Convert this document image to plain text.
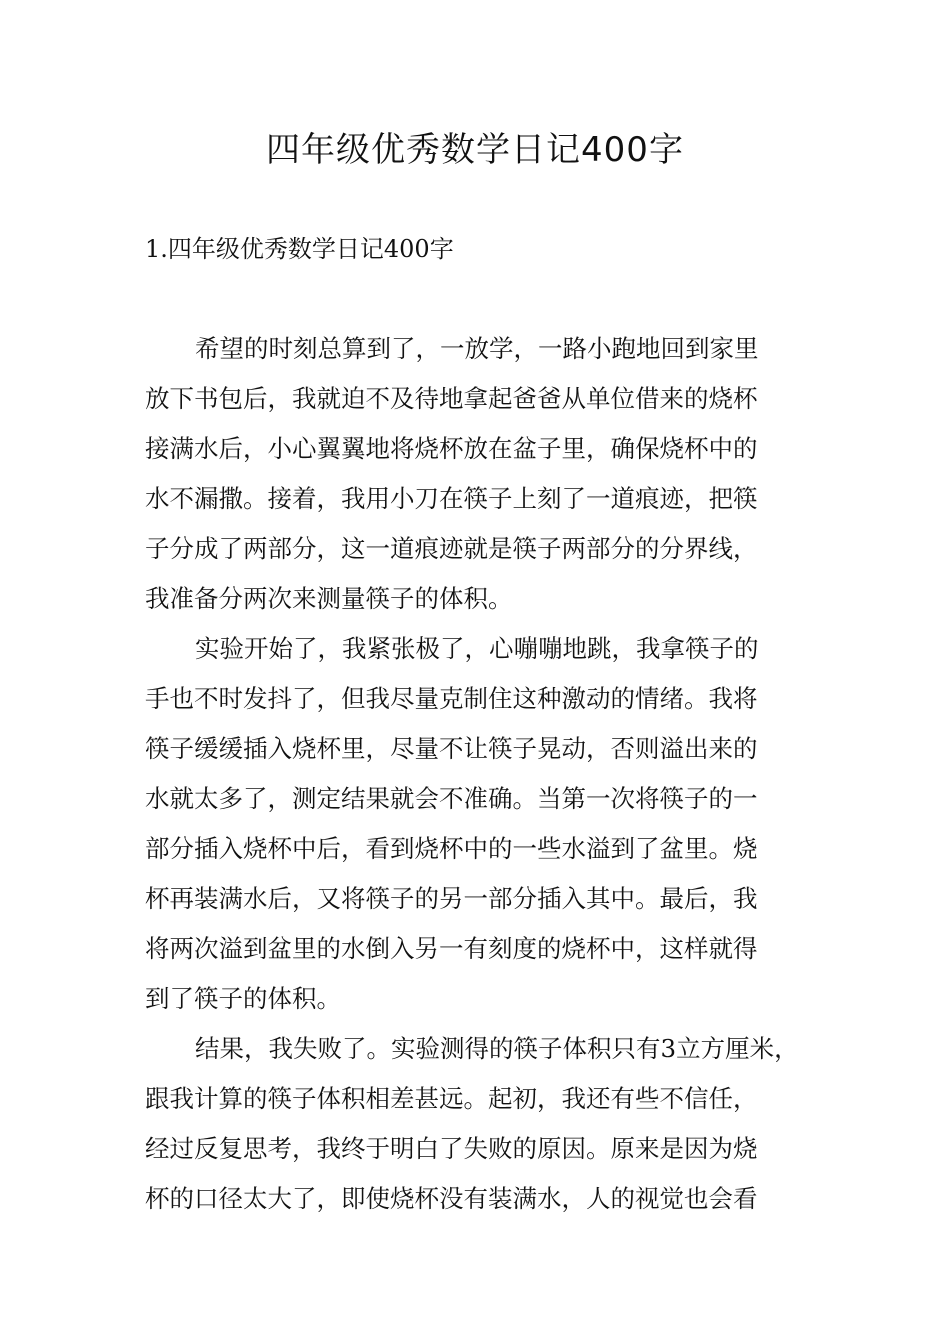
四年级优秀数学日记400字
1.四年级优秀数学日记400字
希望的时刻总算到了，一放学，一路小跑地回到家里
放下书包后，我就迫不及待地拿起爸爸从单位借来的烧杯
接满水后，小心翼翼地将烧杯放在盆子里，确保烧杯中的
水不漏撒。接着，我用小刀在筷子上刻了一道痕迹，把筷
子分成了两部分，这一道痕迹就是筷子两部分的分界线，
我准备分两次来测量筷子的体积。
实验开始了，我紧张极了，心嘣嘣地跳，我拿筷子的
手也不时发抖了，但我尽量克制住这种激动的情绪。我将
筷子缓缓插入烧杯里，尽量不让筷子晃动，否则溢出来的
水就太多了，测定结果就会不准确。当第一次将筷子的一
部分插入烧杯中后，看到烧杯中的一些水溢到了盆里。烧
杯再装满水后，又将筷子的另一部分插入其中。最后，我
将两次溢到盆里的水倒入另一有刻度的烧杯中，这样就得
到了筷子的体积。
结果，我失败了。实验测得的筷子体积只有3立方厘米，
跟我计算的筷子体积相差甚远。起初，我还有些不信任，
经过反复思考，我终于明白了失败的原因。原来是因为烧
杯的口径太大了，即使烧杯没有装满水，人的视觉也会看
